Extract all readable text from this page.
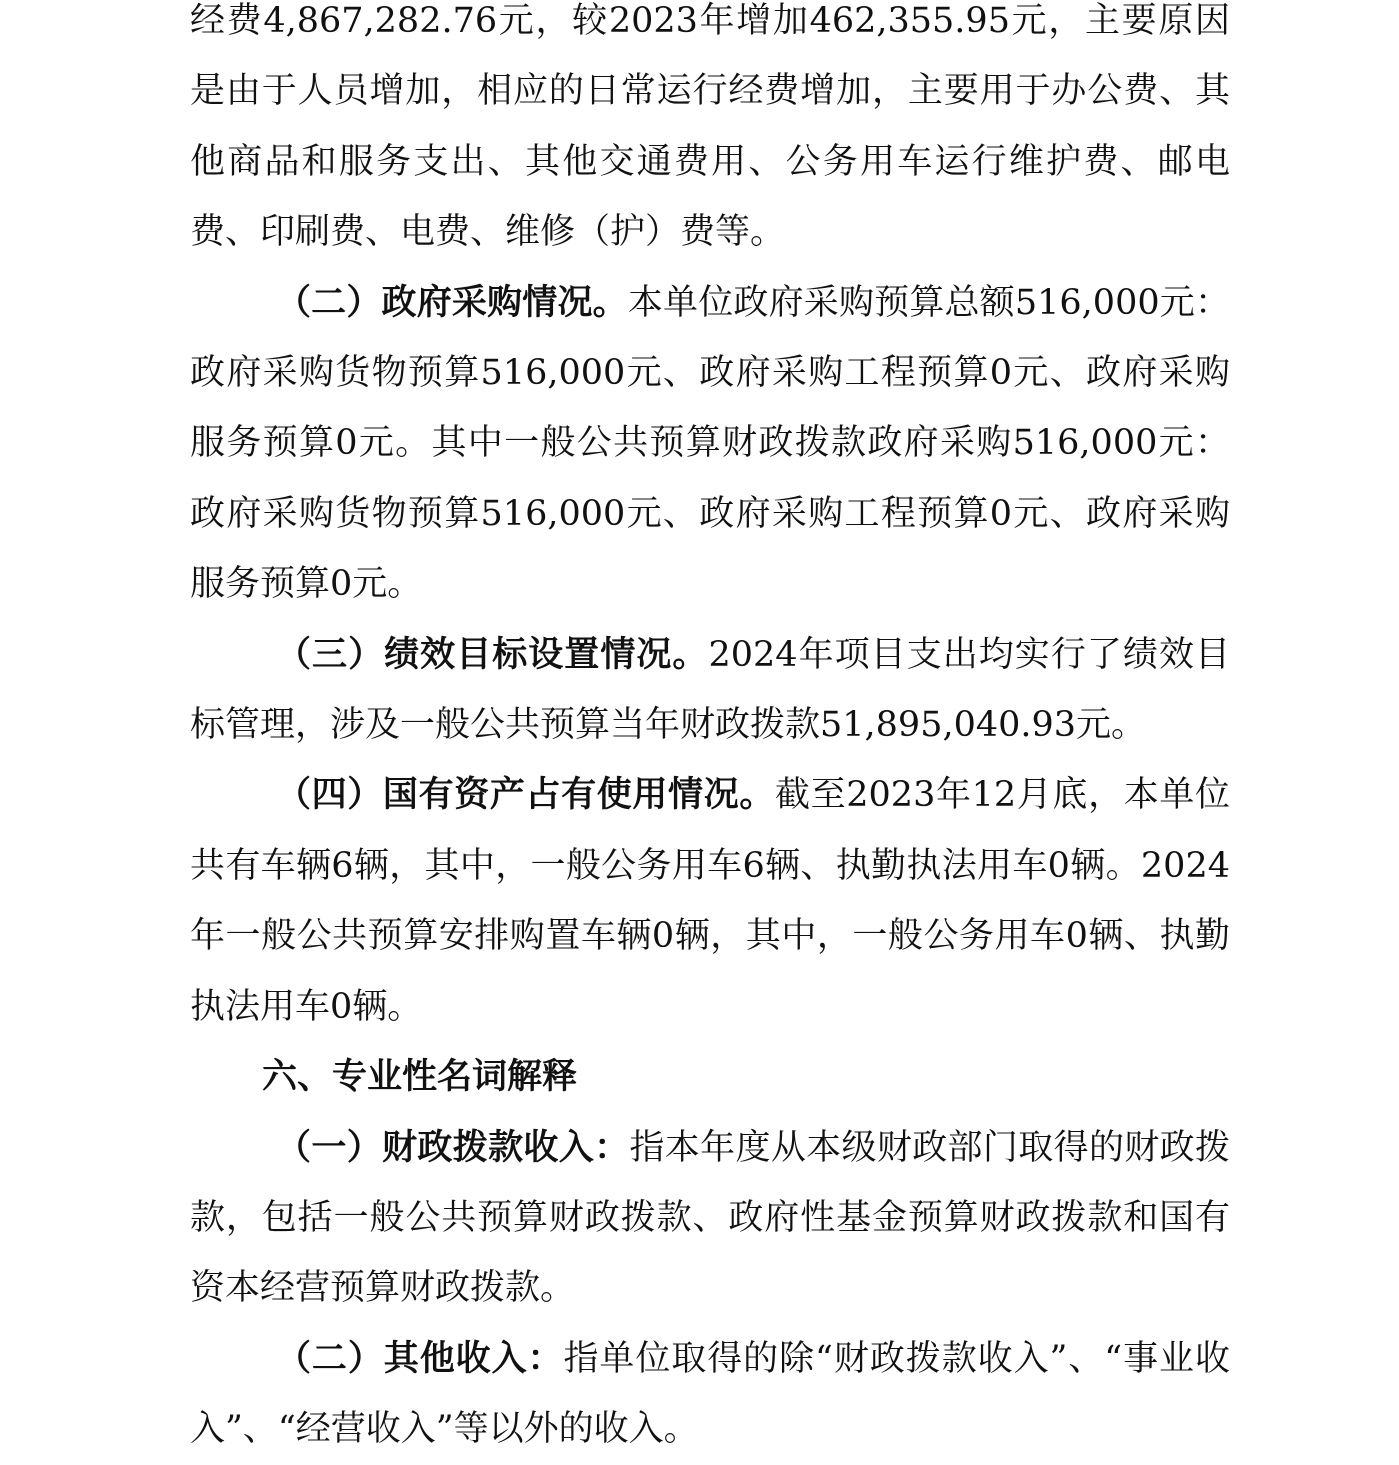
经费4,867,282.76元，较2023年增加462,355.95元，主要原因是由于人员增加，相应的日常运行经费增加，主要用于办公费、其他商品和服务支出、其他交通费用、公务用车运行维护费、邮电费、印刷费、电费、维修（护）费等。

（二）政府采购情况。本单位政府采购预算总额516,000元：政府采购货物预算516,000元、政府采购工程预算0元、政府采购服务预算0元。其中一般公共预算财政拨款政府采购516,000元：政府采购货物预算516,000元、政府采购工程预算0元、政府采购服务预算0元。

（三）绩效目标设置情况。2024年项目支出均实行了绩效目标管理，涉及一般公共预算当年财政拨款51,895,040.93元。

（四）国有资产占有使用情况。截至2023年12月底，本单位共有车辆6辆，其中，一般公务用车6辆、执勤执法用车0辆。2024年一般公共预算安排购置车辆0辆，其中，一般公务用车0辆、执勤执法用车0辆。

六、专业性名词解释

（一）财政拨款收入：指本年度从本级财政部门取得的财政拨款，包括一般公共预算财政拨款、政府性基金预算财政拨款和国有资本经营预算财政拨款。

（二）其他收入：指单位取得的除“财政拨款收入”、“事业收入”、“经营收入”等以外的收入。
